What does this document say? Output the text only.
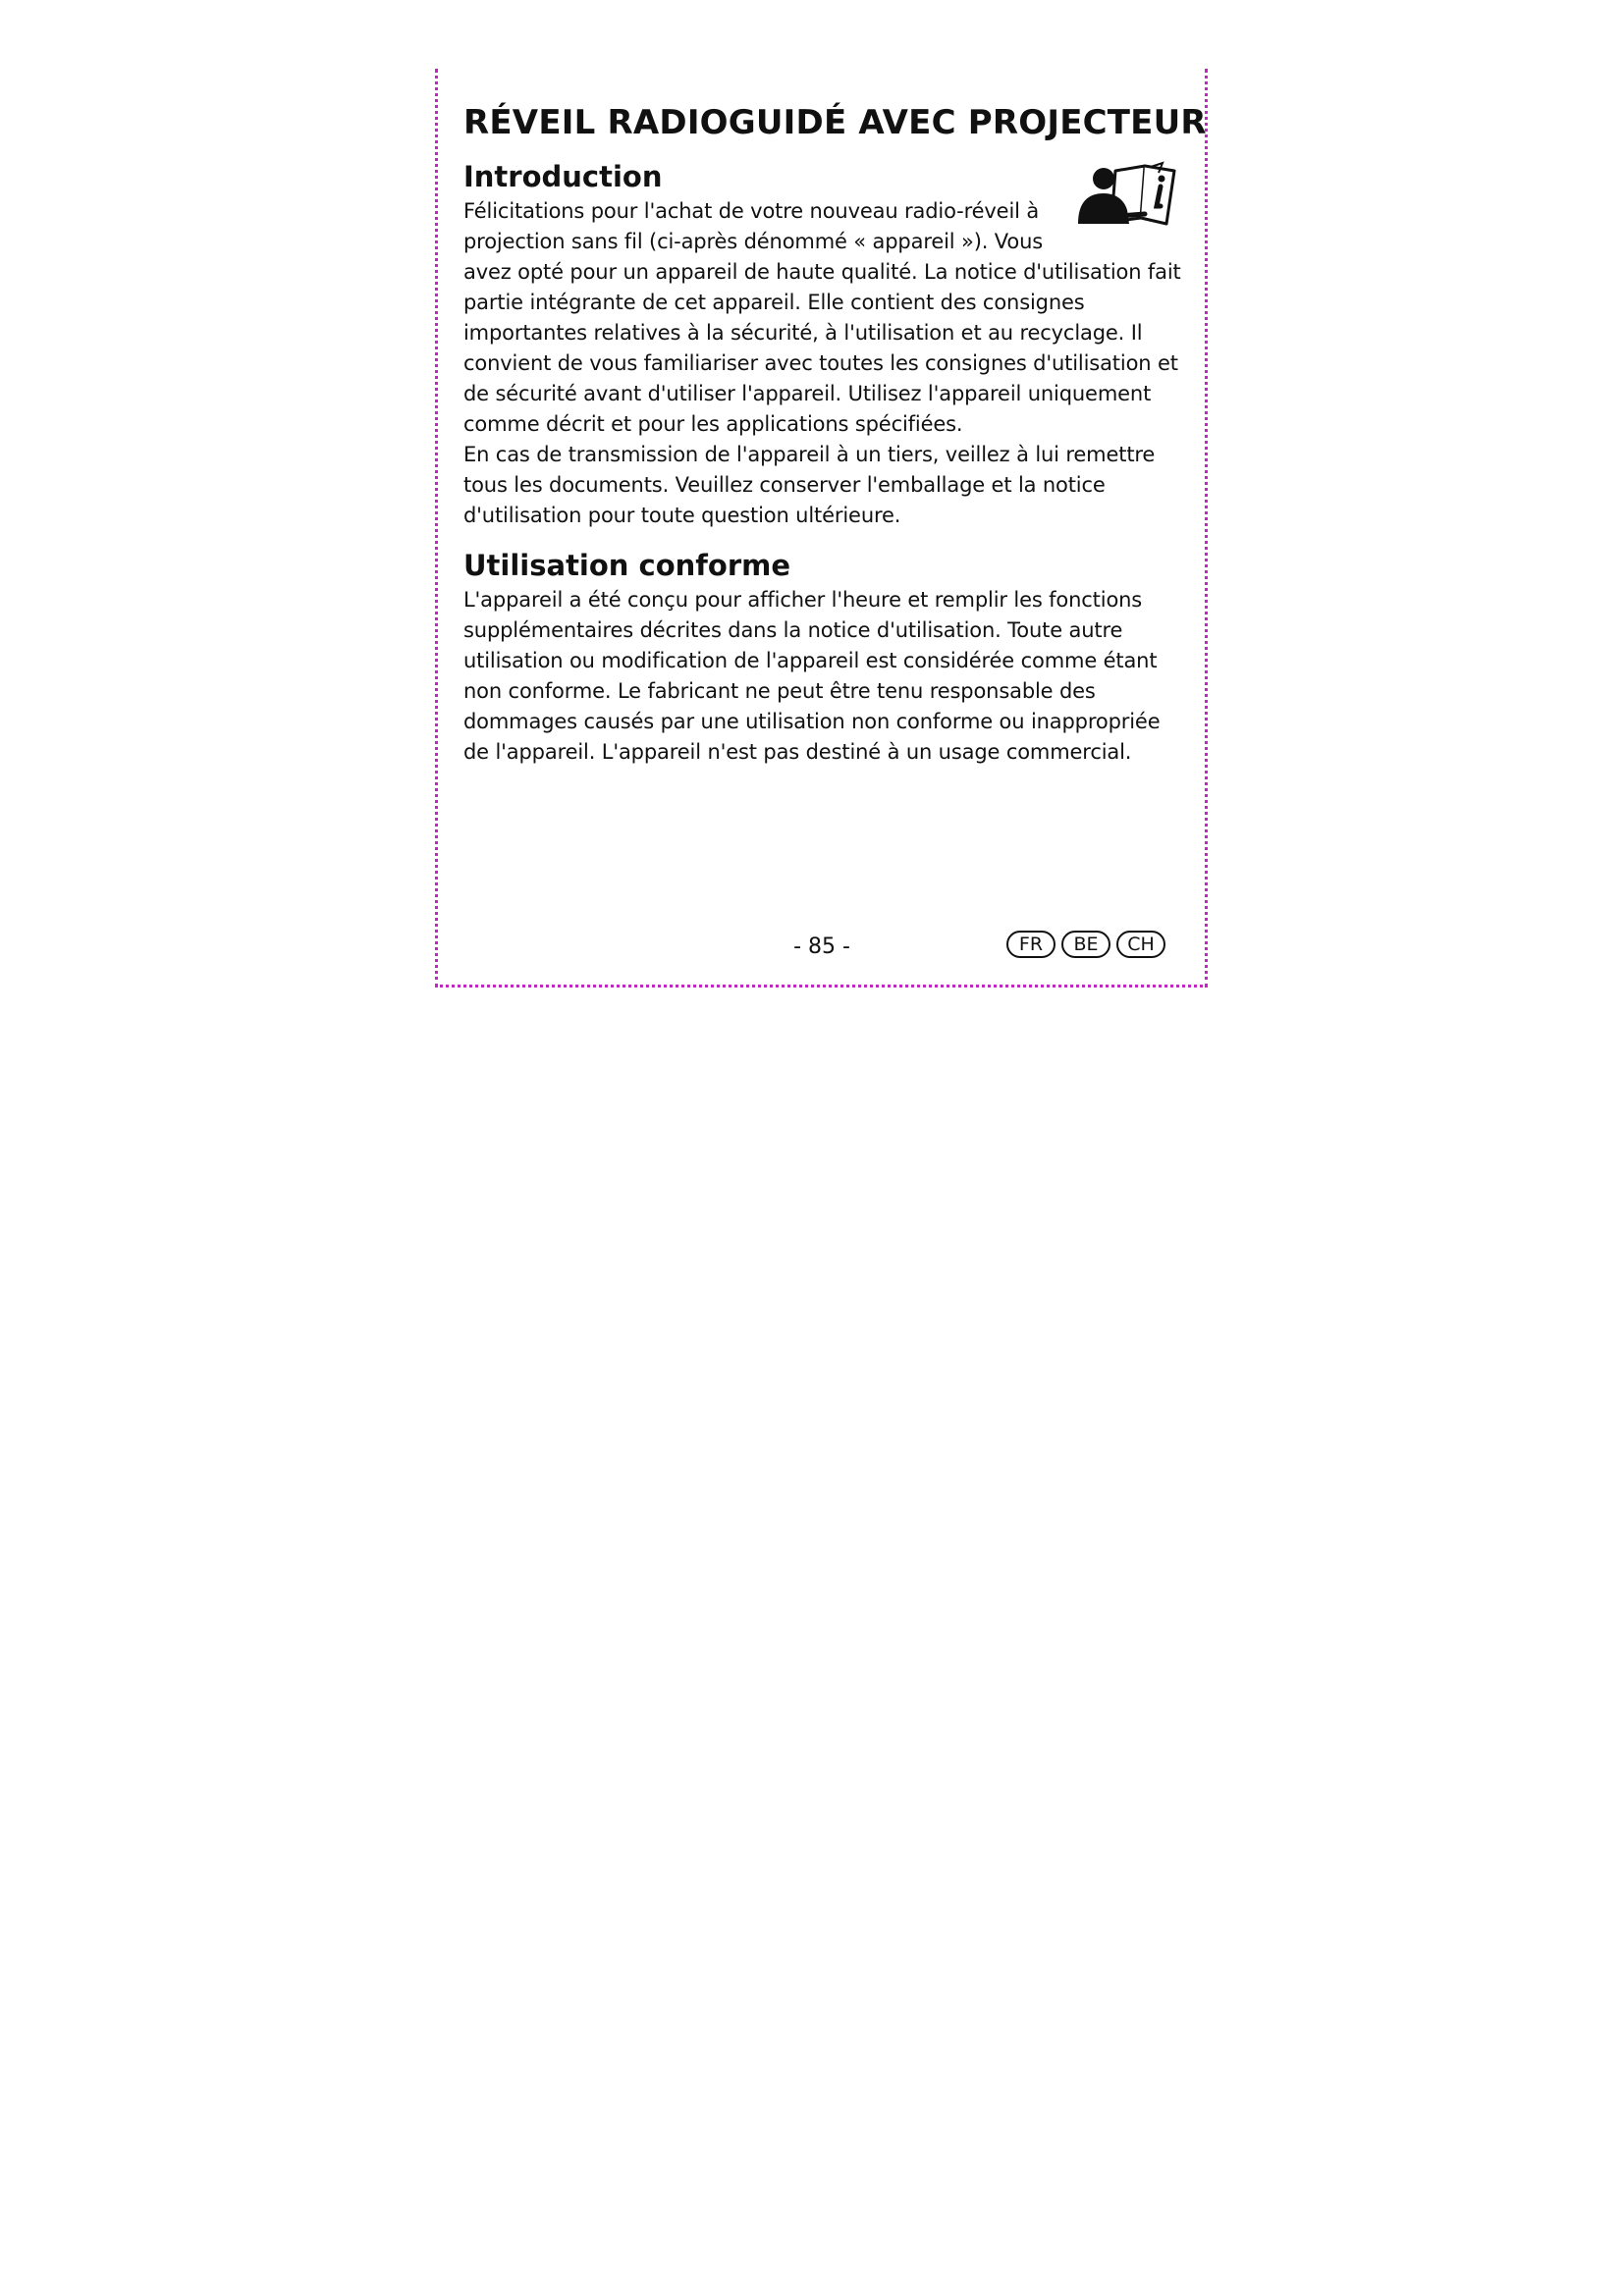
RÉVEIL RADIOGUIDÉ AVEC PROJECTEUR
Introduction

Félicitations pour l'achat de votre nouveau radio-réveil à

projection sans fil (ci-après dénommé « appareil »). Vous

avez opté pour un appareil de haute qualité. La notice d'utilisation fait

partie intégrante de cet appareil. Elle contient des consignes

importantes relatives à la sécurité, à l'utilisation et au recyclage. Il

convient de vous familiariser avec toutes les consignes d'utilisation et

de sécurité avant d'utiliser l'appareil. Utilisez l'appareil uniquement

comme décrit et pour les applications spécifiées.

En cas de transmission de l'appareil à un tiers, veillez à lui remettre

tous les documents. Veuillez conserver l'emballage et la notice

d'utilisation pour toute question ultérieure.

Utilisation conforme

L'appareil a été conçu pour afficher l'heure et remplir les fonctions

supplémentaires décrites dans la notice d'utilisation. Toute autre

utilisation ou modification de l'appareil est considérée comme étant

non conforme. Le fabricant ne peut être tenu responsable des

dommages causés par une utilisation non conforme ou inappropriée

de l'appareil. L'appareil n'est pas destiné à un usage commercial.

- 85 -	FR	BE	CH
